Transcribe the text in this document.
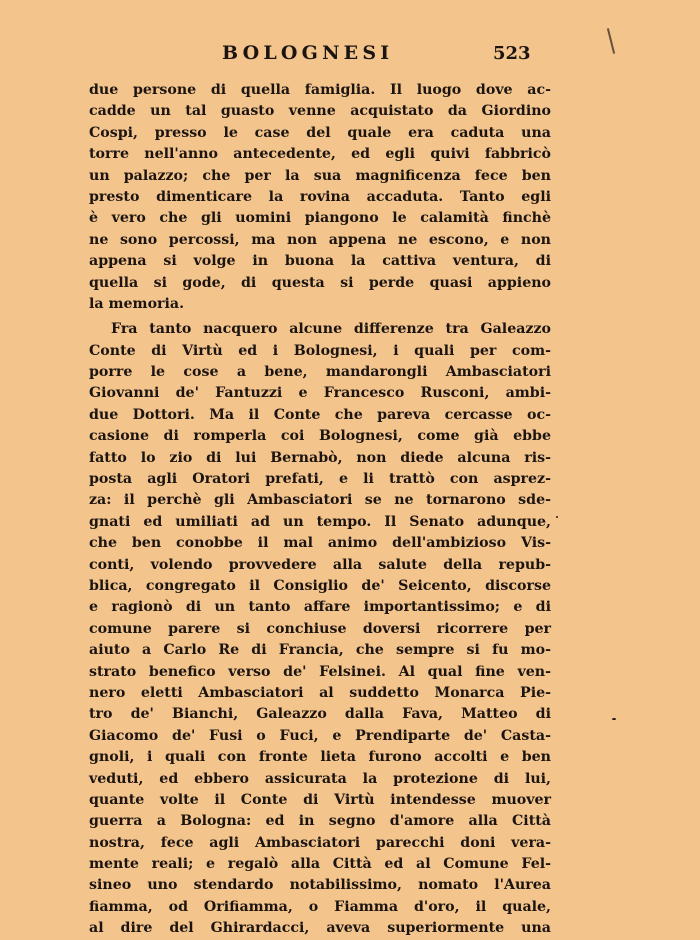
BOLOGNESI	523
due persone di quella famiglia. Il luogo dove ac-
cadde un tal guasto venne acquistato da Giordino
Cospi, presso le case del quale era caduta una
torre nell'anno antecedente, ed egli quivi fabbricò
un palazzo; che per la sua magnificenza fece ben
presto dimenticare la rovina accaduta. Tanto egli
è vero che gli uomini piangono le calamità finchè
ne sono percossi, ma non appena ne escono, e non
appena si volge in buona la cattiva ventura, di
quella si gode, di questa si perde quasi appieno
la memoria.
Fra tanto nacquero alcune differenze tra Galeazzo
Conte di Virtù ed i Bolognesi, i quali per com-
porre le cose a bene, mandarongli Ambasciatori
Giovanni de' Fantuzzi e Francesco Rusconi, ambi-
due Dottori. Ma il Conte che pareva cercasse oc-
casione di romperla coi Bolognesi, come già ebbe
fatto lo zio di lui Bernabò, non diede alcuna ris-
posta agli Oratori prefati, e li trattò con asprez-
za: il perchè gli Ambasciatori se ne tornarono sde-
gnati ed umiliati ad un tempo. Il Senato adunque,
che ben conobbe il mal animo dell'ambizioso Vis-
conti, volendo provvedere alla salute della repub-
blica, congregato il Consiglio de' Seicento, discorse
e ragionò di un tanto affare importantissimo; e di
comune parere si conchiuse doversi ricorrere per
aiuto a Carlo Re di Francia, che sempre si fu mo-
strato benefico verso de' Felsinei. Al qual fine ven-
nero eletti Ambasciatori al suddetto Monarca Pie-
tro de' Bianchi, Galeazzo dalla Fava, Matteo di
Giacomo de' Fusi o Fuci, e Prendiparte de' Casta-
gnoli, i quali con fronte lieta furono accolti e ben
veduti, ed ebbero assicurata la protezione di lui,
quante volte il Conte di Virtù intendesse muover
guerra a Bologna: ed in segno d'amore alla Città
nostra, fece agli Ambasciatori parecchi doni vera-
mente reali; e regalò alla Città ed al Comune Fel-
sineo uno stendardo notabilissimo, nomato l'Aurea
fiamma, od Orifiamma, o Fiamma d'oro, il quale,
al dire del Ghirardacci, aveva superiormente una
